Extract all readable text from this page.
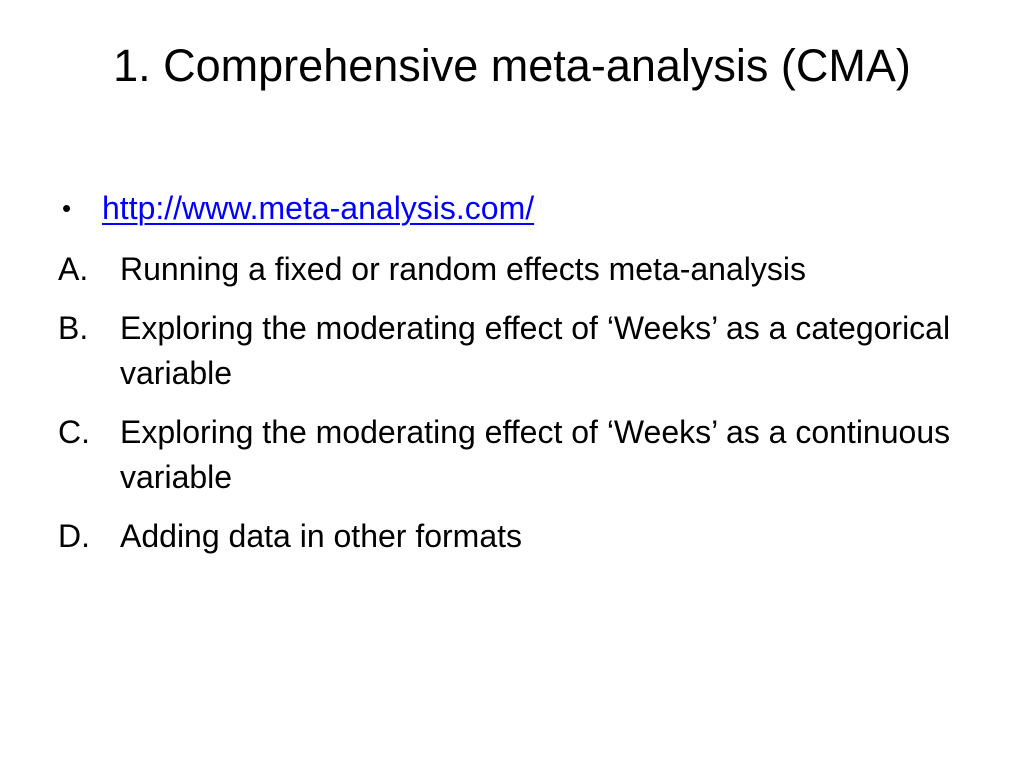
1. Comprehensive meta-analysis (CMA)
• http://www.meta-analysis.com/
A. Running a fixed or random effects meta-analysis
B. Exploring the moderating effect of ‘Weeks’ as a categorical variable
C. Exploring the moderating effect of ‘Weeks’ as a continuous variable
D. Adding data in other formats
